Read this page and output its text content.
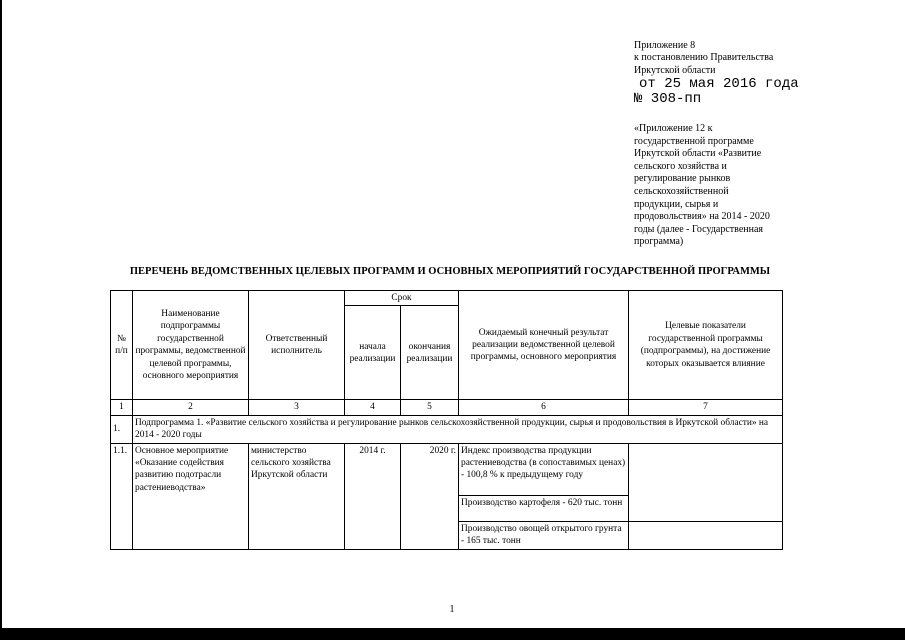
Приложение 8
к постановлению Правительства
Иркутской области
от 25 мая 2016 года
№ 308-пп
«Приложение 12 к
государственной программе
Иркутской области «Развитие
сельского хозяйства и
регулирование рынков
сельскохозяйственной
продукции, сырья и
продовольствия» на 2014 - 2020
годы (далее - Государственная
программа)
ПЕРЕЧЕНЬ ВЕДОМСТВЕННЫХ ЦЕЛЕВЫХ ПРОГРАММ И ОСНОВНЫХ МЕРОПРИЯТИЙ ГОСУДАРСТВЕННОЙ ПРОГРАММЫ
№ п/п	Наименование подпрограммы государственной программы, ведомственной целевой программы, основного мероприятия	Ответственный исполнитель	Срок		Ожидаемый конечный результат реализации ведомственной целевой программы, основного мероприятия	Целевые показатели государственной программы (подпрограммы), на достижение которых оказывается влияние
			начала реализации	окончания реализации		
1	2	3	4	5	6	7
1.	Подпрограмма 1. «Развитие сельского хозяйства и регулирование рынков сельскохозяйственной продукции, сырья и продовольствия в Иркутской области» на 2014 - 2020 годы					
1.1.	Основное мероприятие «Оказание содействия развитию подотрасли растениеводства»	министерство сельского хозяйства Иркутской области	2014 г.	2020 г.	Индекс производства продукции растениеводства (в сопоставимых ценах) - 100,8 % к предыдущему году	
					Производство картофеля - 620 тыс. тонн	
					Производство овощей открытого грунта - 165 тыс. тонн	
1
